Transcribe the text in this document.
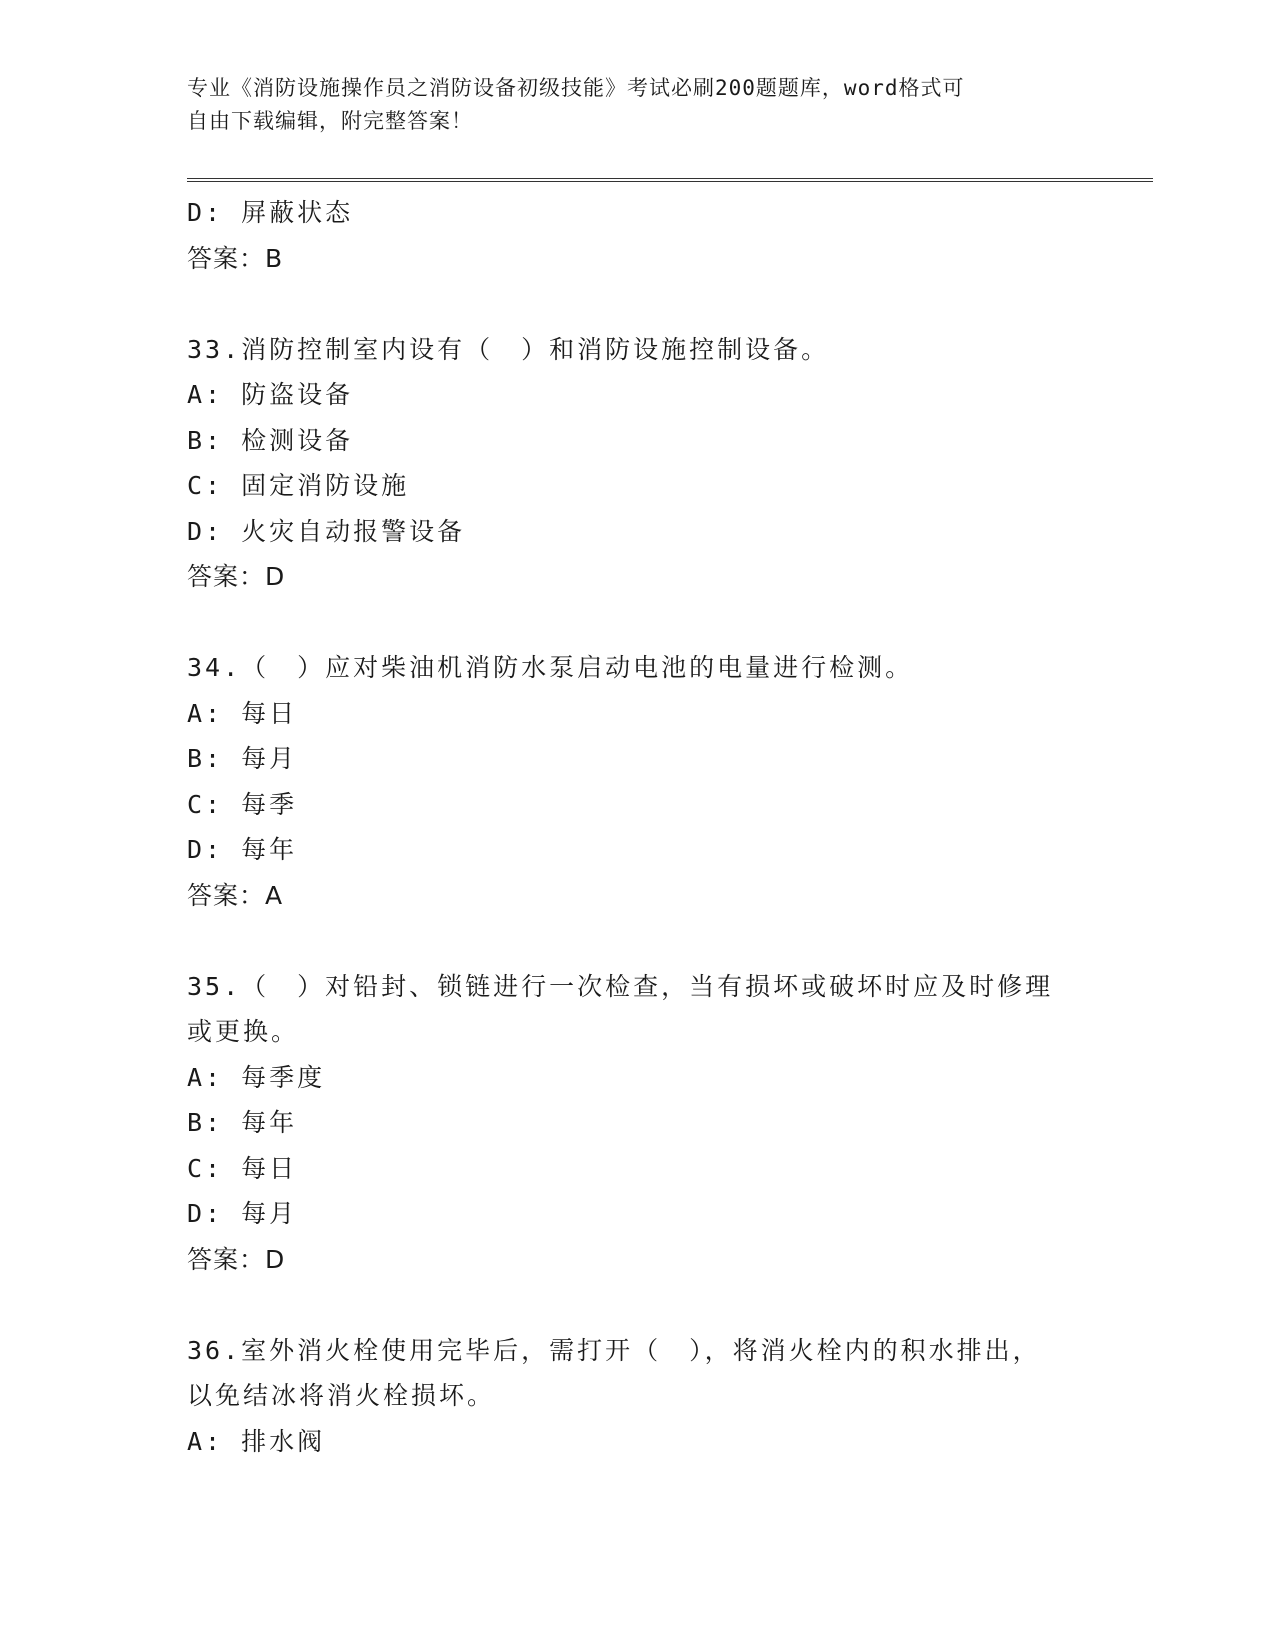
专业《消防设施操作员之消防设备初级技能》考试必刷200题题库，word格式可
自由下载编辑，附完整答案！
D: 屏蔽状态
答案：B
33.消防控制室内设有（　）和消防设施控制设备。
A: 防盗设备
B: 检测设备
C: 固定消防设施
D: 火灾自动报警设备
答案：D
34.（　）应对柴油机消防水泵启动电池的电量进行检测。
A: 每日
B: 每月
C: 每季
D: 每年
答案：A
35.（　）对铅封、锁链进行一次检查，当有损坏或破坏时应及时修理
或更换。
A: 每季度
B: 每年
C: 每日
D: 每月
答案：D
36.室外消火栓使用完毕后，需打开（　），将消火栓内的积水排出，
以免结冰将消火栓损坏。
A: 排水阀
